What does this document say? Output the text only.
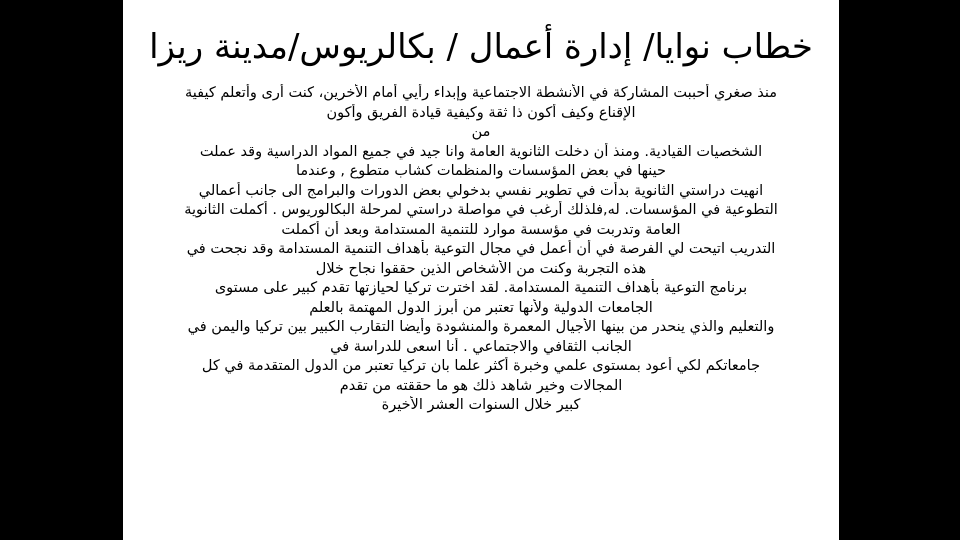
خطاب نوايا/ إدارة أعمال / بكالريوس/مدينة ريزا
منذ صغري أحببت المشاركة في الأنشطة الاجتماعية وإبداء رأيي أمام الأخرين، كنت أرى وأتعلم كيفية
الإقناع وكيف أكون ذا ثقة وكيفية قيادة الفريق وأكون
من
الشخصيات القيادية. ومنذ أن دخلت الثانوية العامة وانا جيد في جميع المواد الدراسية وقد عملت
حينها في بعض المؤسسات والمنظمات كشاب متطوع , وعندما
انهيت دراستي الثانوية بدأت في تطوير نفسي بدخولي بعض الدورات والبرامج الى جانب أعمالي
التطوعية في المؤسسات. له,فلذلك أرغب في مواصلة دراستي لمرحلة البكالوريوس . أكملت الثانوية
العامة وتدربت في مؤسسة موارد للتنمية المستدامة وبعد أن أكملت
التدريب اتيحت لي الفرصة في أن أعمل في مجال التوعية بأهداف التنمية المستدامة وقد نجحت في
هذه التجربة وكنت من الأشخاص الذين حققوا نجاح خلال
برنامج التوعية بأهداف التنمية المستدامة. لقد اخترت تركيا لحيازتها تقدم كبير على مستوى
الجامعات الدولية ولأنها تعتبر من أبرز الدول المهتمة بالعلم
والتعليم والذي ينحدر من بينها الأجيال المعمرة والمنشودة وأيضا التقارب الكبير بين تركيا واليمن في
الجانب الثقافي والاجتماعي . أنا اسعى للدراسة في
جامعاتكم لكي أعود بمستوى علمي وخبرة أكثر علما بان تركيا تعتبر من الدول المتقدمة في كل
المجالات وخير شاهد ذلك هو ما حققته من تقدم
كبير خلال السنوات العشر الأخيرة
